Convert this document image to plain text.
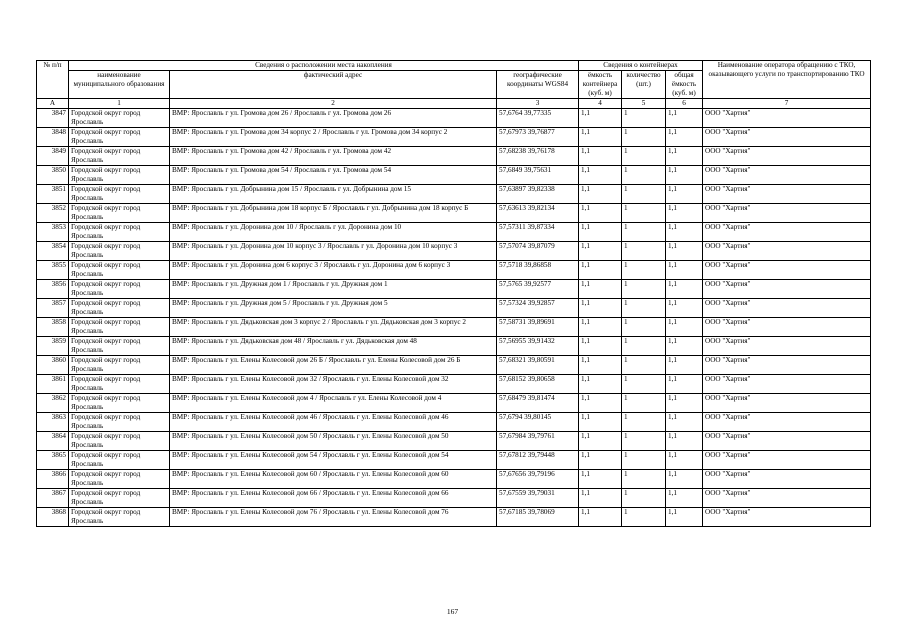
№ п/п	Сведения о расположении места накопления			Сведения о контейнерах			Наименование оператора обращению с ТКО, оказывающего услуги по транспортированию ТКО
	наименование муниципального образования	фактический адрес	географические координаты WGS84	ёмкость контейнера (куб. м)	количество (шт.)	общая ёмкость (куб. м)	
А	1	2	3	4	5	6	7
3847	Городской округ город Ярославль	ВМР: Ярославль г ул. Громова дом 26 / Ярославль г ул. Громова дом 26	57,6764 39,77335	1,1	1	1,1	ООО "Хартия"
3848	Городской округ город Ярославль	ВМР: Ярославль г ул. Громова дом 34 корпус 2 / Ярославль г ул. Громова дом 34 корпус 2	57,67973 39,76877	1,1	1	1,1	ООО "Хартия"
3849	Городской округ город Ярославль	ВМР: Ярославль г ул. Громова дом 42 / Ярославль г ул. Громова дом 42	57,68238 39,76178	1,1	1	1,1	ООО "Хартия"
3850	Городской округ город Ярославль	ВМР: Ярославль г ул. Громова дом 54 / Ярославль г ул. Громова дом 54	57,6849 39,75631	1,1	1	1,1	ООО "Хартия"
3851	Городской округ город Ярославль	ВМР: Ярославль г ул. Добрынина дом 15 / Ярославль г ул. Добрынина дом 15	57,63897 39,82338	1,1	1	1,1	ООО "Хартия"
3852	Городской округ город Ярославль	ВМР: Ярославль г ул. Добрынина дом 18 корпус Б / Ярославль г ул. Добрынина дом 18 корпус Б	57,63613 39,82134	1,1	1	1,1	ООО "Хартия"
3853	Городской округ город Ярославль	ВМР: Ярославль г ул. Доронина дом 10 / Ярославль г ул. Доронина дом 10	57,57311 39,87334	1,1	1	1,1	ООО "Хартия"
3854	Городской округ город Ярославль	ВМР: Ярославль г ул. Доронина дом 10 корпус 3 / Ярославль г ул. Доронина дом 10 корпус 3	57,57074 39,87079	1,1	1	1,1	ООО "Хартия"
3855	Городской округ город Ярославль	ВМР: Ярославль г ул. Доронина дом 6 корпус 3 / Ярославль г ул. Доронина дом 6 корпус 3	57,5718 39,86858	1,1	1	1,1	ООО "Хартия"
3856	Городской округ город Ярославль	ВМР: Ярославль г ул. Дружная дом 1 / Ярославль г ул. Дружная дом 1	57,5765 39,92577	1,1	1	1,1	ООО "Хартия"
3857	Городской округ город Ярославль	ВМР: Ярославль г ул. Дружная дом 5 / Ярославль г ул. Дружная дом 5	57,57324 39,92857	1,1	1	1,1	ООО "Хартия"
3858	Городской округ город Ярославль	ВМР: Ярославль г ул. Дядьковская дом 3 корпус 2 / Ярославль г ул. Дядьковская дом 3 корпус 2	57,58731 39,89691	1,1	1	1,1	ООО "Хартия"
3859	Городской округ город Ярославль	ВМР: Ярославль г ул. Дядьковская дом 48 / Ярославль г ул. Дядьковская дом 48	57,56955 39,91432	1,1	1	1,1	ООО "Хартия"
3860	Городской округ город Ярославль	ВМР: Ярославль г ул. Елены Колесовой дом 26 Б / Ярославль г ул. Елены Колесовой дом 26 Б	57,68321 39,80591	1,1	1	1,1	ООО "Хартия"
3861	Городской округ город Ярославль	ВМР: Ярославль г ул. Елены Колесовой дом 32 / Ярославль г ул. Елены Колесовой дом 32	57,68152 39,80658	1,1	1	1,1	ООО "Хартия"
3862	Городской округ город Ярославль	ВМР: Ярославль г ул. Елены Колесовой дом 4 / Ярославль г ул. Елены Колесовой дом 4	57,68479 39,81474	1,1	1	1,1	ООО "Хартия"
3863	Городской округ город Ярославль	ВМР: Ярославль г ул. Елены Колесовой дом 46 / Ярославль г ул. Елены Колесовой дом 46	57,6794 39,80145	1,1	1	1,1	ООО "Хартия"
3864	Городской округ город Ярославль	ВМР: Ярославль г ул. Елены Колесовой дом 50 / Ярославль г ул. Елены Колесовой дом 50	57,67984 39,79761	1,1	1	1,1	ООО "Хартия"
3865	Городской округ город Ярославль	ВМР: Ярославль г ул. Елены Колесовой дом 54 / Ярославль г ул. Елены Колесовой дом 54	57,67812 39,79448	1,1	1	1,1	ООО "Хартия"
3866	Городской округ город Ярославль	ВМР: Ярославль г ул. Елены Колесовой дом 60 / Ярославль г ул. Елены Колесовой дом 60	57,67656 39,79196	1,1	1	1,1	ООО "Хартия"
3867	Городской округ город Ярославль	ВМР: Ярославль г ул. Елены Колесовой дом 66 / Ярославль г ул. Елены Колесовой дом 66	57,67559 39,79031	1,1	1	1,1	ООО "Хартия"
3868	Городской округ город Ярославль	ВМР: Ярославль г ул. Елены Колесовой дом 76 / Ярославль г ул. Елены Колесовой дом 76	57,67185 39,78069	1,1	1	1,1	ООО "Хартия"
167
